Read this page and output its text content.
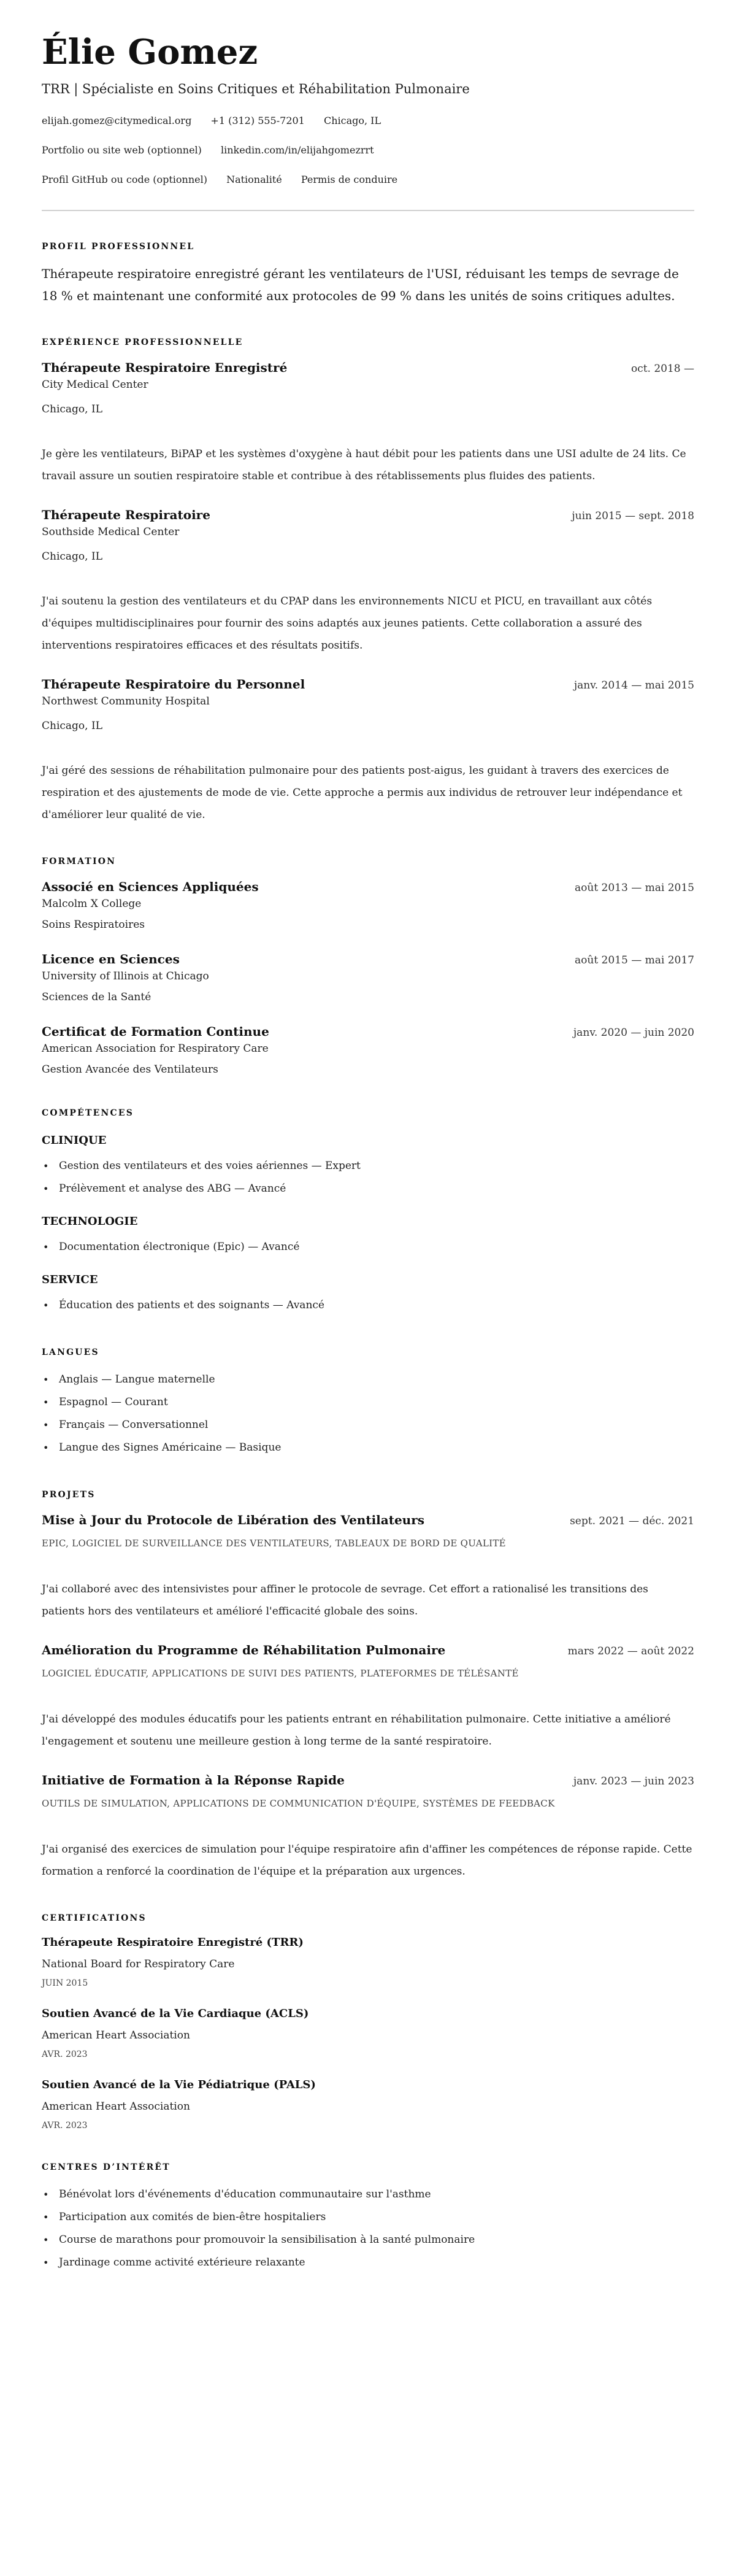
Élie Gomez
TRR | Spécialiste en Soins Critiques et Réhabilitation Pulmonaire
elijah.gomez@citymedical.org +1 (312) 555-7201 Chicago, IL
Portfolio ou site web (optionnel) linkedin.com/in/elijahgomezrrt
Profil GitHub ou code (optionnel) Nationalité Permis de conduire
PROFIL PROFESSIONNEL
Thérapeute respiratoire enregistré gérant les ventilateurs de l'USI, réduisant les temps de sevrage de 18 % et maintenant une conformité aux protocoles de 99 % dans les unités de soins critiques adultes.
EXPÉRIENCE PROFESSIONNELLE
Thérapeute Respiratoire Enregistré	oct. 2018 —
City Medical Center
Chicago, IL
Je gère les ventilateurs, BiPAP et les systèmes d'oxygène à haut débit pour les patients dans une USI adulte de 24 lits. Ce travail assure un soutien respiratoire stable et contribue à des rétablissements plus fluides des patients.
Thérapeute Respiratoire	juin 2015 — sept. 2018
Southside Medical Center
Chicago, IL
J'ai soutenu la gestion des ventilateurs et du CPAP dans les environnements NICU et PICU, en travaillant aux côtés d'équipes multidisciplinaires pour fournir des soins adaptés aux jeunes patients. Cette collaboration a assuré des interventions respiratoires efficaces et des résultats positifs.
Thérapeute Respiratoire du Personnel	janv. 2014 — mai 2015
Northwest Community Hospital
Chicago, IL
J'ai géré des sessions de réhabilitation pulmonaire pour des patients post-aigus, les guidant à travers des exercices de respiration et des ajustements de mode de vie. Cette approche a permis aux individus de retrouver leur indépendance et d'améliorer leur qualité de vie.
FORMATION
Associé en Sciences Appliquées	août 2013 — mai 2015
Malcolm X College
Soins Respiratoires
Licence en Sciences	août 2015 — mai 2017
University of Illinois at Chicago
Sciences de la Santé
Certificat de Formation Continue	janv. 2020 — juin 2020
American Association for Respiratory Care
Gestion Avancée des Ventilateurs
COMPÉTENCES
CLINIQUE
• Gestion des ventilateurs et des voies aériennes — Expert
• Prélèvement et analyse des ABG — Avancé
TECHNOLOGIE
• Documentation électronique (Epic) — Avancé
SERVICE
• Éducation des patients et des soignants — Avancé
LANGUES
• Anglais — Langue maternelle
• Espagnol — Courant
• Français — Conversationnel
• Langue des Signes Américaine — Basique
PROJETS
Mise à Jour du Protocole de Libération des Ventilateurs	sept. 2021 — déc. 2021
EPIC, LOGICIEL DE SURVEILLANCE DES VENTILATEURS, TABLEAUX DE BORD DE QUALITÉ
J'ai collaboré avec des intensivistes pour affiner le protocole de sevrage. Cet effort a rationalisé les transitions des patients hors des ventilateurs et amélioré l'efficacité globale des soins.
Amélioration du Programme de Réhabilitation Pulmonaire	mars 2022 — août 2022
LOGICIEL ÉDUCATIF, APPLICATIONS DE SUIVI DES PATIENTS, PLATEFORMES DE TÉLÉSANTÉ
J'ai développé des modules éducatifs pour les patients entrant en réhabilitation pulmonaire. Cette initiative a amélioré l'engagement et soutenu une meilleure gestion à long terme de la santé respiratoire.
Initiative de Formation à la Réponse Rapide	janv. 2023 — juin 2023
OUTILS DE SIMULATION, APPLICATIONS DE COMMUNICATION D'ÉQUIPE, SYSTÈMES DE FEEDBACK
J'ai organisé des exercices de simulation pour l'équipe respiratoire afin d'affiner les compétences de réponse rapide. Cette formation a renforcé la coordination de l'équipe et la préparation aux urgences.
CERTIFICATIONS
Thérapeute Respiratoire Enregistré (TRR)
National Board for Respiratory Care
JUIN 2015
Soutien Avancé de la Vie Cardiaque (ACLS)
American Heart Association
AVR. 2023
Soutien Avancé de la Vie Pédiatrique (PALS)
American Heart Association
AVR. 2023
CENTRES D’INTÉRÊT
• Bénévolat lors d'événements d'éducation communautaire sur l'asthme
• Participation aux comités de bien-être hospitaliers
• Course de marathons pour promouvoir la sensibilisation à la santé pulmonaire
• Jardinage comme activité extérieure relaxante
